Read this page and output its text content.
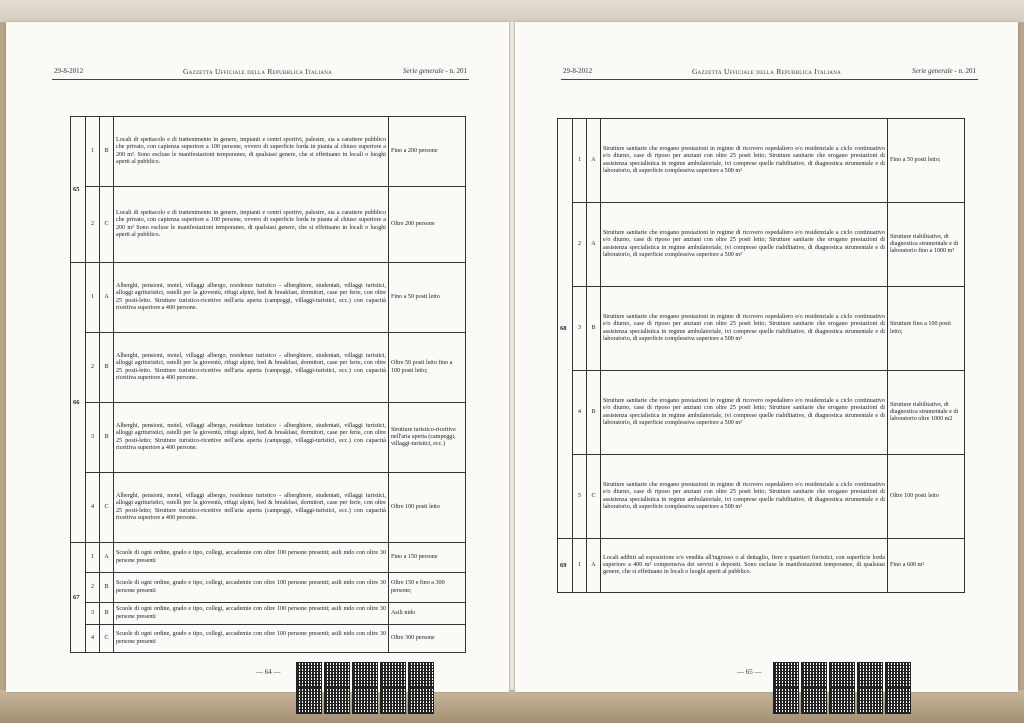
29-8-2012	Gazzetta Ufficiale della Repubblica Italiana	Serie generale - n. 201
65	1	B	Locali di spettacolo e di trattenimento in genere, impianti e centri sportivi, palestre, sia a carattere pubblico che privato, con capienza superiore a 100 persone, ovvero di superficie lorda in pianta al chiuso superiore a 200 m². Sono escluse le manifestazioni temporanee, di qualsiasi genere, che si effettuano in locali o luoghi aperti al pubblico.	Fino a 200 persone
	2	C	Locali di spettacolo e di trattenimento in genere, impianti e centri sportivi, palestre, sia a carattere pubblico che privato, con capienza superiore a 100 persone, ovvero di superficie lorda in pianta al chiuso superiore a 200 m² Sono escluse le manifestazioni temporanee, di qualsiasi genere, che si effettuano in locali o luoghi aperti al pubblico.	Oltre 200 persone
66	1	A	Alberghi, pensioni, motel, villaggi albergo, residenze turistico - alberghiere, studentati, villaggi turistici, alloggi agrituristici, ostelli per la gioventù, rifugi alpini, bed & breakfast, dormitori, case per ferie, con oltre 25 posti-letto. Strutture turistico-ricettive nell'aria aperta (campeggi, villaggi-turistici, ecc.) con capacità ricettiva superiore a 400 persone.	Fino a 50 posti letto
	2	B	Alberghi, pensioni, motel, villaggi albergo, residenze turistico - alberghiere, studentati, villaggi turistici, alloggi agrituristici, ostelli per la gioventù, rifugi alpini, bed & breakfast, dormitori, case per ferie, con oltre 25 posti-letto. Strutture turistico-ricettive nell'aria aperta (campeggi, villaggi-turistici, ecc.) con capacità ricettiva superiore a 400 persone.	Oltre 50 posti letto fino a 100 posti letto;
	3	B	Alberghi, pensioni, motel, villaggi albergo, residenze turistico - alberghiere, studentati, villaggi turistici, alloggi agrituristici, ostelli per la gioventù, rifugi alpini, bed & breakfast, dormitori, case per ferie, con oltre 25 posti-letto; Strutture turistico-ricettive nell'aria aperta (campeggi, villaggi-turistici, ecc.) con capacità ricettiva superiore a 400 persone.	Strutture turistico-ricettive nell'aria aperta (campeggi, villaggi-turistici, ecc.)
	4	C	Alberghi, pensioni, motel, villaggi albergo, residenze turistico - alberghiere, studentati, villaggi turistici, alloggi agrituristici, ostelli per la gioventù, rifugi alpini, bed & breakfast, dormitori, case per ferie, con oltre 25 posti-letto; Strutture turistico-ricettive nell'aria aperta (campeggi, villaggi-turistici, ecc.) con capacità ricettiva superiore a 400 persone.	Oltre 100 posti letto
67	1	A	Scuole di ogni ordine, grado e tipo, collegi, accademie con oltre 100 persone presenti; asili nido con oltre 30 persone presenti	Fino a 150 persone
	2	B	Scuole di ogni ordine, grado e tipo, collegi, accademie con oltre 100 persone presenti; asili nido con oltre 30 persone presenti	Oltre 150 e fino a 300 persone;
	3	B	Scuole di ogni ordine, grado e tipo, collegi, accademie con oltre 100 persone presenti; asili nido con oltre 30 persone presenti	Asili nido
	4	C	Scuole di ogni ordine, grado e tipo, collegi, accademie con oltre 100 persone presenti; asili nido con oltre 30 persone presenti	Oltre 300 persone
— 64 —
29-8-2012	Gazzetta Ufficiale della Repubblica Italiana	Serie generale - n. 201
68	1	A	Strutture sanitarie che erogano prestazioni in regime di ricovero ospedaliero e/o residenziale a ciclo continuativo e/o diurno, case di riposo per anziani con oltre 25 posti letto; Strutture sanitarie che erogano prestazioni di assistenza specialistica in regime ambulatoriale, ivi comprese quelle riabilitative, di diagnostica strumentale e di laboratorio, di superficie complessiva superiore a 500 m²	Fino a 50 posti letto;
	2	A	Strutture sanitarie che erogano prestazioni in regime di ricovero ospedaliero e/o residenziale a ciclo continuativo e/o diurno, case di riposo per anziani con oltre 25 posti letto; Strutture sanitarie che erogano prestazioni di assistenza specialistica in regime ambulatoriale, ivi comprese quelle riabilitative, di diagnostica strumentale e di laboratorio, di superficie complessiva superiore a 500 m²	Strutture riabilitative, di diagnostica strumentale e di laboratorio fino a 1000 m²
	3	B	Strutture sanitarie che erogano prestazioni in regime di ricovero ospedaliero e/o residenziale a ciclo continuativo e/o diurno, case di riposo per anziani con oltre 25 posti letto; Strutture sanitarie che erogano prestazioni di assistenza specialistica in regime ambulatoriale, ivi comprese quelle riabilitative, di diagnostica strumentale e di laboratorio, di superficie complessiva superiore a 500 m²	Strutture fino a 100 posti letto;
	4	B	Strutture sanitarie che erogano prestazioni in regime di ricovero ospedaliero e/o residenziale a ciclo continuativo e/o diurno, case di riposo per anziani con oltre 25 posti letto; Strutture sanitarie che erogano prestazioni di assistenza specialistica in regime ambulatoriale, ivi comprese quelle riabilitative, di diagnostica strumentale e di laboratorio, di superficie complessiva superiore a 500 m²	Strutture riabilitative, di diagnostica strumentale e di laboratorio oltre 1000 m2
	5	C	Strutture sanitarie che erogano prestazioni in regime di ricovero ospedaliero e/o residenziale a ciclo continuativo e/o diurno, case di riposo per anziani con oltre 25 posti letto; Strutture sanitarie che erogano prestazioni di assistenza specialistica in regime ambulatoriale, ivi comprese quelle riabilitative, di diagnostica strumentale e di laboratorio, di superficie complessiva superiore a 500 m²	Oltre 100 posti letto
69	1	A	Locali adibiti ad esposizione e/o vendita all'ingrosso o al dettaglio, fiere e quartieri fieristici, con superficie lorda superiore a 400 m² comprensiva dei servizi e depositi. Sono escluse le manifestazioni temporanee, di qualsiasi genere, che si effettuano in locali o luoghi aperti al pubblico.	Fino a 600 m²
— 65 —
